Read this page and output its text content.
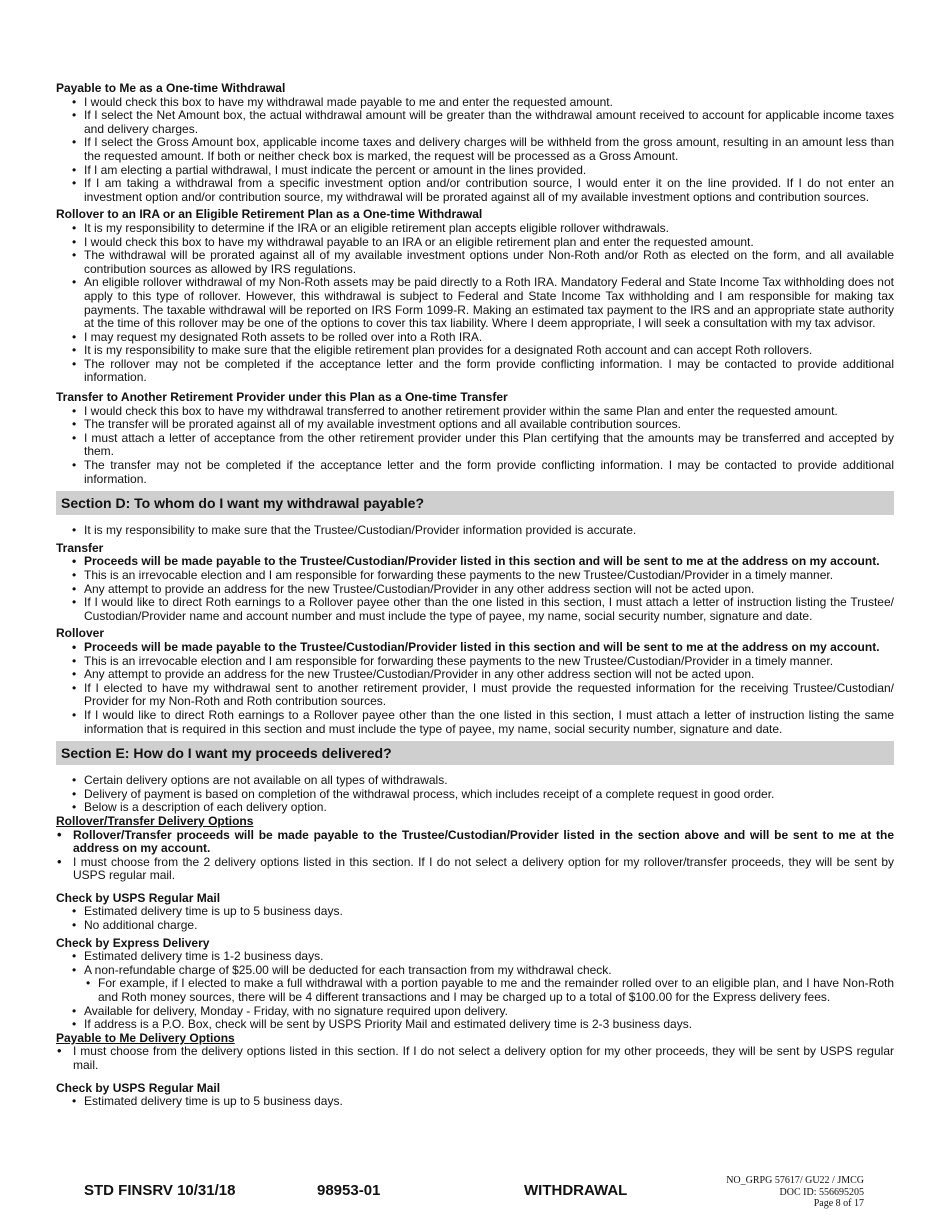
Payable to Me as a One-time Withdrawal

• I would check this box to have my withdrawal made payable to me and enter the requested amount.
• If I select the Net Amount box, the actual withdrawal amount will be greater than the withdrawal amount received to account for applicable income taxes and delivery charges.
• If I select the Gross Amount box, applicable income taxes and delivery charges will be withheld from the gross amount, resulting in an amount less than the requested amount. If both or neither check box is marked, the request will be processed as a Gross Amount.
• If I am electing a partial withdrawal, I must indicate the percent or amount in the lines provided.
• If I am taking a withdrawal from a specific investment option and/or contribution source, I would enter it on the line provided. If I do not enter an investment option and/or contribution source, my withdrawal will be prorated against all of my available investment options and contribution sources.

Rollover to an IRA or an Eligible Retirement Plan as a One-time Withdrawal

• It is my responsibility to determine if the IRA or an eligible retirement plan accepts eligible rollover withdrawals.
• I would check this box to have my withdrawal payable to an IRA or an eligible retirement plan and enter the requested amount.
• The withdrawal will be prorated against all of my available investment options under Non-Roth and/or Roth as elected on the form, and all available contribution sources as allowed by IRS regulations.
• An eligible rollover withdrawal of my Non-Roth assets may be paid directly to a Roth IRA. Mandatory Federal and State Income Tax withholding does not apply to this type of rollover. However, this withdrawal is subject to Federal and State Income Tax withholding and I am responsible for making tax payments. The taxable withdrawal will be reported on IRS Form 1099-R. Making an estimated tax payment to the IRS and an appropriate state authority at the time of this rollover may be one of the options to cover this tax liability. Where I deem appropriate, I will seek a consultation with my tax advisor.
• I may request my designated Roth assets to be rolled over into a Roth IRA.
• It is my responsibility to make sure that the eligible retirement plan provides for a designated Roth account and can accept Roth rollovers.
• The rollover may not be completed if the acceptance letter and the form provide conflicting information. I may be contacted to provide additional information.

Transfer to Another Retirement Provider under this Plan as a One-time Transfer

• I would check this box to have my withdrawal transferred to another retirement provider within the same Plan and enter the requested amount.
• The transfer will be prorated against all of my available investment options and all available contribution sources.
• I must attach a letter of acceptance from the other retirement provider under this Plan certifying that the amounts may be transferred and accepted by them.
• The transfer may not be completed if the acceptance letter and the form provide conflicting information. I may be contacted to provide additional information.
Section D: To whom do I want my withdrawal payable?
• It is my responsibility to make sure that the Trustee/Custodian/Provider information provided is accurate.

Transfer

• Proceeds will be made payable to the Trustee/Custodian/Provider listed in this section and will be sent to me at the address on my account.
• This is an irrevocable election and I am responsible for forwarding these payments to the new Trustee/Custodian/Provider in a timely manner.
• Any attempt to provide an address for the new Trustee/Custodian/Provider in any other address section will not be acted upon.
• If I would like to direct Roth earnings to a Rollover payee other than the one listed in this section, I must attach a letter of instruction listing the Trustee/ Custodian/Provider name and account number and must include the type of payee, my name, social security number, signature and date.

Rollover

• Proceeds will be made payable to the Trustee/Custodian/Provider listed in this section and will be sent to me at the address on my account.
• This is an irrevocable election and I am responsible for forwarding these payments to the new Trustee/Custodian/Provider in a timely manner.
• Any attempt to provide an address for the new Trustee/Custodian/Provider in any other address section will not be acted upon.
• If I elected to have my withdrawal sent to another retirement provider, I must provide the requested information for the receiving Trustee/Custodian/ Provider for my Non-Roth and Roth contribution sources.
• If I would like to direct Roth earnings to a Rollover payee other than the one listed in this section, I must attach a letter of instruction listing the same information that is required in this section and must include the type of payee, my name, social security number, signature and date.
Section E: How do I want my proceeds delivered?
• Certain delivery options are not available on all types of withdrawals.
• Delivery of payment is based on completion of the withdrawal process, which includes receipt of a complete request in good order.
• Below is a description of each delivery option.

Rollover/Transfer Delivery Options

• Rollover/Transfer proceeds will be made payable to the Trustee/Custodian/Provider listed in the section above and will be sent to me at the address on my account.
• I must choose from the 2 delivery options listed in this section. If I do not select a delivery option for my rollover/transfer proceeds, they will be sent by USPS regular mail.

Check by USPS Regular Mail

• Estimated delivery time is up to 5 business days.
• No additional charge.

Check by Express Delivery

• Estimated delivery time is 1-2 business days.
• A non-refundable charge of $25.00 will be deducted for each transaction from my withdrawal check.
• For example, if I elected to make a full withdrawal with a portion payable to me and the remainder rolled over to an eligible plan, and I have Non-Roth and Roth money sources, there will be 4 different transactions and I may be charged up to a total of $100.00 for the Express delivery fees.
• Available for delivery, Monday - Friday, with no signature required upon delivery.
• If address is a P.O. Box, check will be sent by USPS Priority Mail and estimated delivery time is 2-3 business days.

Payable to Me Delivery Options

• I must choose from the delivery options listed in this section. If I do not select a delivery option for my other proceeds, they will be sent by USPS regular mail.

Check by USPS Regular Mail

• Estimated delivery time is up to 5 business days.
STD FINSRV 10/31/18	98953-01	WITHDRAWAL
NO_GRPG 57617/ GU22 / JMCG
DOC ID: 556695205
Page 8 of 17
